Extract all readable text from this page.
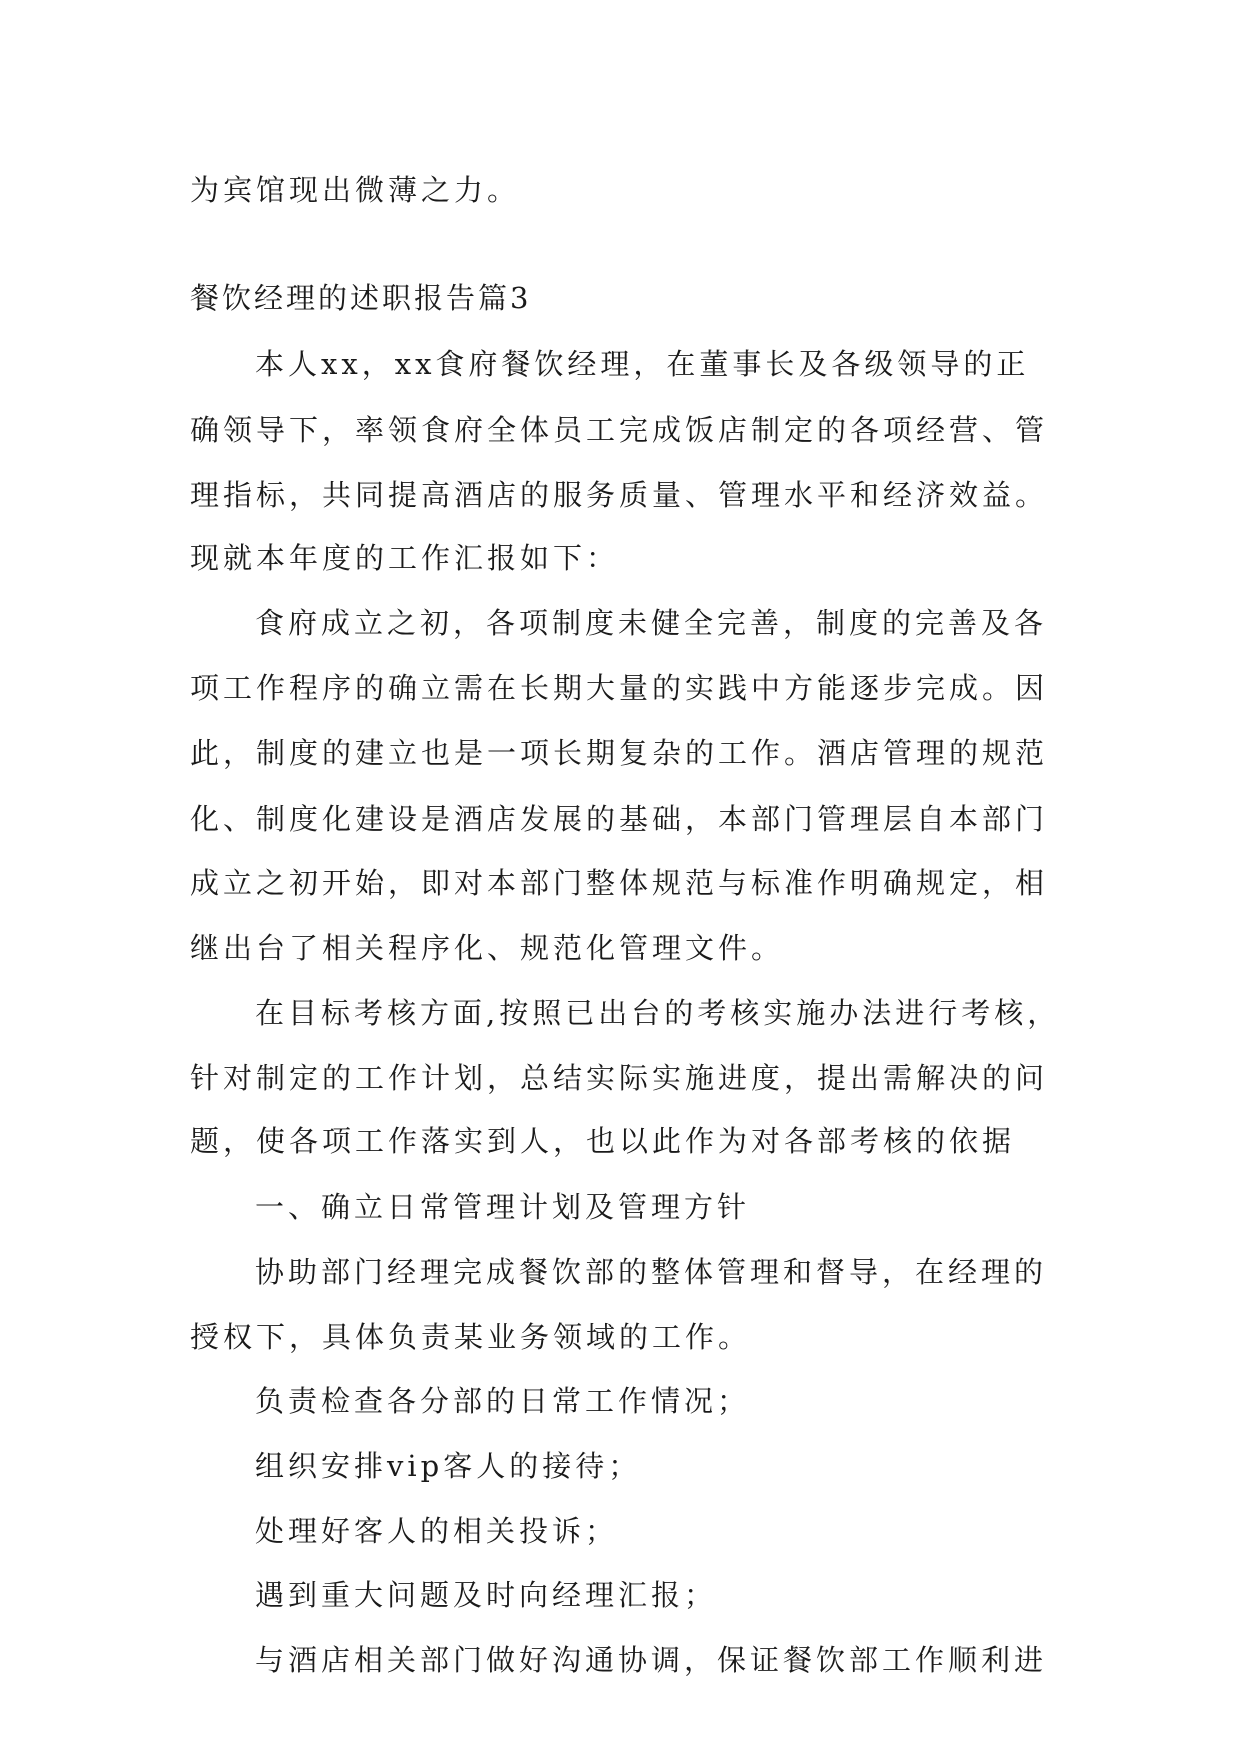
为宾馆现出微薄之力。
餐饮经理的述职报告篇3
本人xx，xx食府餐饮经理，在董事长及各级领导的正
确领导下，率领食府全体员工完成饭店制定的各项经营、管
理指标，共同提高酒店的服务质量、管理水平和经济效益。
现就本年度的工作汇报如下：
食府成立之初，各项制度未健全完善，制度的完善及各
项工作程序的确立需在长期大量的实践中方能逐步完成。因
此，制度的建立也是一项长期复杂的工作。酒店管理的规范
化、制度化建设是酒店发展的基础，本部门管理层自本部门
成立之初开始，即对本部门整体规范与标准作明确规定，相
继出台了相关程序化、规范化管理文件。
在目标考核方面,按照已出台的考核实施办法进行考核，
针对制定的工作计划，总结实际实施进度，提出需解决的问
题，使各项工作落实到人，也以此作为对各部考核的依据
一、确立日常管理计划及管理方针
协助部门经理完成餐饮部的整体管理和督导，在经理的
授权下，具体负责某业务领域的工作。
负责检查各分部的日常工作情况；
组织安排vip客人的接待；
处理好客人的相关投诉；
遇到重大问题及时向经理汇报；
与酒店相关部门做好沟通协调，保证餐饮部工作顺利进
